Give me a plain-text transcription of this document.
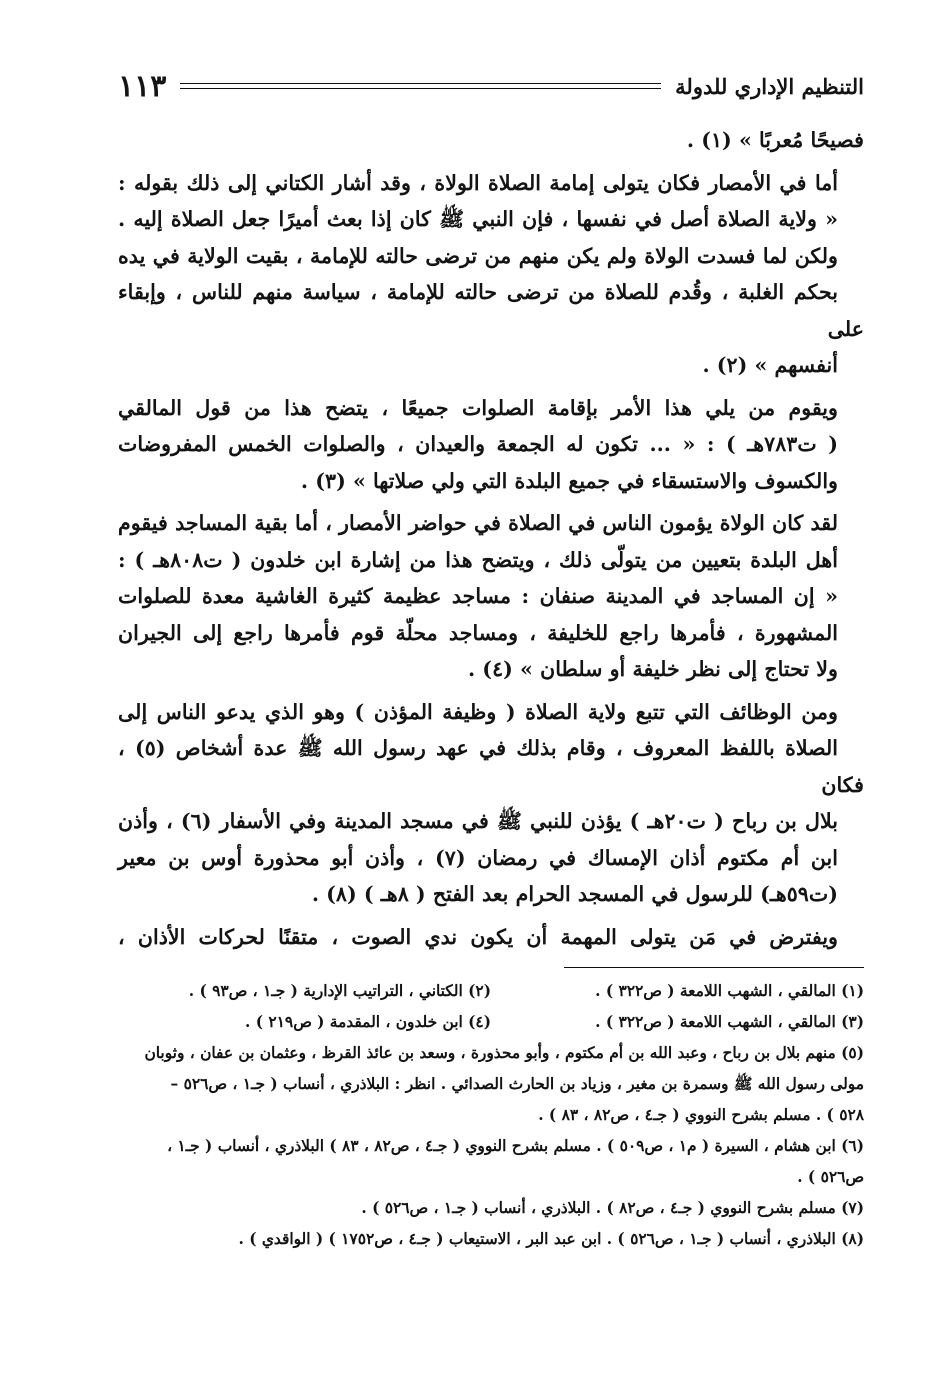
التنظيم الإداري للدولة
١١٣

فصيحًا مُعربًا » (١) .

أما في الأمصار فكان يتولى إمامة الصلاة الولاة ، وقد أشار الكتاني إلى ذلك بقوله :
« ولاية الصلاة أصل في نفسها ، فإن النبي ﷺ كان إذا بعث أميرًا جعل الصلاة إليه .
ولكن لما فسدت الولاة ولم يكن منهم من ترضى حالته للإمامة ، بقيت الولاية في يده
بحكم الغلبة ، وقُدم للصلاة من ترضى حالته للإمامة ، سياسة منهم للناس ، وإبقاء على
أنفسهم » (٢) .

ويقوم من يلي هذا الأمر بإقامة الصلوات جميعًا ، يتضح هذا من قول المالقي
( ت٧٨٣هـ ) : « ... تكون له الجمعة والعيدان ، والصلوات الخمس المفروضات
والكسوف والاستسقاء في جميع البلدة التي ولي صلاتها » (٣) .

لقد كان الولاة يؤمون الناس في الصلاة في حواضر الأمصار ، أما بقية المساجد فيقوم
أهل البلدة بتعيين من يتولّى ذلك ، ويتضح هذا من إشارة ابن خلدون ( ت٨٠٨هـ ) :
« إن المساجد في المدينة صنفان : مساجد عظيمة كثيرة الغاشية معدة للصلوات
المشهورة ، فأمرها راجع للخليفة ، ومساجد محلّة قوم فأمرها راجع إلى الجيران
ولا تحتاج إلى نظر خليفة أو سلطان » (٤) .

ومن الوظائف التي تتبع ولاية الصلاة ( وظيفة المؤذن ) وهو الذي يدعو الناس إلى
الصلاة باللفظ المعروف ، وقام بذلك في عهد رسول الله ﷺ عدة أشخاص (٥) ، فكان
بلال بن رباح ( ت٢٠هـ ) يؤذن للنبي ﷺ في مسجد المدينة وفي الأسفار (٦) ، وأذن
ابن أم مكتوم أذان الإمساك في رمضان (٧) ، وأذن أبو محذورة أوس بن معير
(ت٥٩هـ) للرسول في المسجد الحرام بعد الفتح ( ٨هـ ) (٨) .

ويفترض في مَن يتولى المهمة أن يكون ندي الصوت ، متقنًا لحركات الأذان ،

(١) المالقي ، الشهب اللامعة ( ص٣٢٢ ) .
(٢) الكتاني ، التراتيب الإدارية ( جـ١ ، ص٩٣ ) .
(٣) المالقي ، الشهب اللامعة ( ص٣٢٢ ) .
(٤) ابن خلدون ، المقدمة ( ص٢١٩ ) .
(٥) منهم بلال بن رباح ، وعبد الله بن أم مكتوم ، وأبو محذورة ، وسعد بن عائذ القرظ ، وعثمان بن عفان ، وثوبان
مولى رسول الله ﷺ وسمرة بن مغير ، وزياد بن الحارث الصدائي . انظر : البلاذري ، أنساب ( جـ١ ، ص٥٢٦ –
٥٢٨ ) . مسلم بشرح النووي ( جـ٤ ، ص٨٢ ، ٨٣ ) .
(٦) ابن هشام ، السيرة ( م١ ، ص٥٠٩ ) . مسلم بشرح النووي ( جـ٤ ، ص٨٢ ، ٨٣ ) البلاذري ، أنساب ( جـ١ ،
ص٥٢٦ ) .
(٧) مسلم بشرح النووي ( جـ٤ ، ص٨٢ ) . البلاذري ، أنساب ( جـ١ ، ص٥٢٦ ) .
(٨) البلاذري ، أنساب ( جـ١ ، ص٥٢٦ ) . ابن عبد البر ، الاستيعاب ( جـ٤ ، ص١٧٥٢ ) ( الواقدي ) .
